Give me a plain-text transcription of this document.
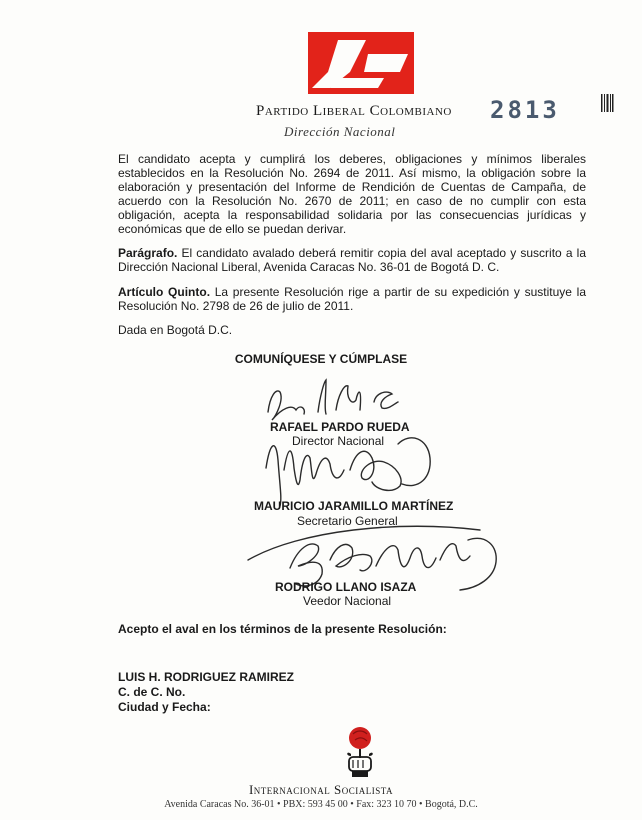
Partido Liberal Colombiano 2813
Dirección Nacional
El candidato acepta y cumplirá los deberes, obligaciones y mínimos liberales establecidos en la Resolución No. 2694 de 2011. Así mismo, la obligación sobre la elaboración y presentación del Informe de Rendición de Cuentas de Campaña, de acuerdo con la Resolución No. 2670 de 2011; en caso de no cumplir con esta obligación, acepta la responsabilidad solidaria por las consecuencias jurídicas y económicas que de ello se puedan derivar.
Parágrafo. El candidato avalado deberá remitir copia del aval aceptado y suscrito a la Dirección Nacional Liberal, Avenida Caracas No. 36-01 de Bogotá D. C.
Artículo Quinto. La presente Resolución rige a partir de su expedición y sustituye la Resolución No. 2798 de 26 de julio de 2011.
Dada en Bogotá D.C.
COMUNÍQUESE Y CÚMPLASE
RAFAEL PARDO RUEDA
Director Nacional
MAURICIO JARAMILLO MARTÍNEZ
Secretario General
RODRIGO LLANO ISAZA
Veedor Nacional
Acepto el aval en los términos de la presente Resolución:
LUIS H. RODRIGUEZ RAMIREZ
C. de C. No.
Ciudad y Fecha:
Internacional Socialista
Avenida Caracas No. 36-01 • PBX: 593 45 00 • Fax: 323 10 70 • Bogotá, D.C.
